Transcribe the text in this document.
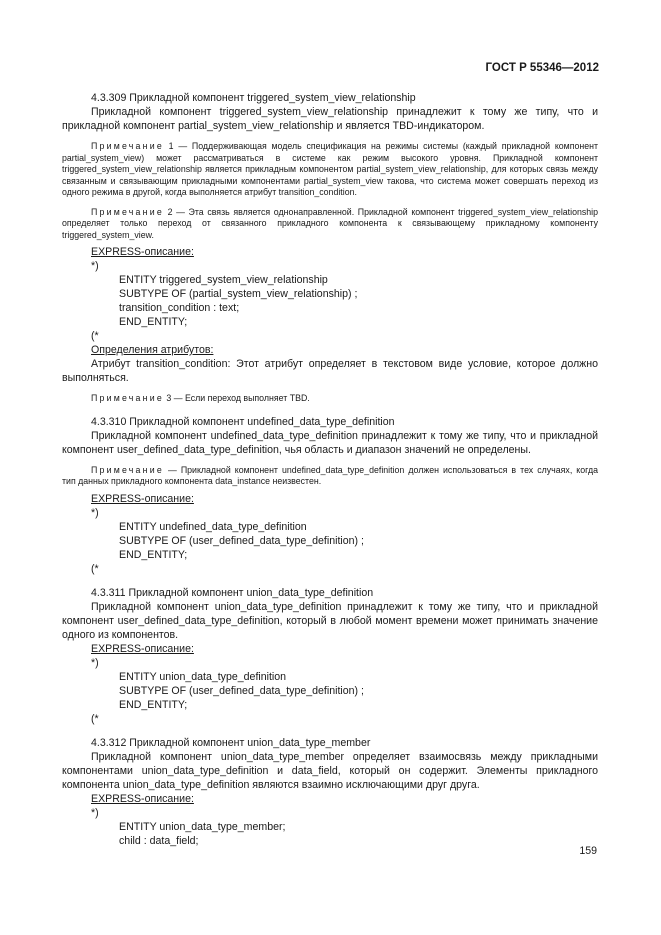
ГОСТ Р 55346—2012

4.3.309 Прикладной компонент triggered_system_view_relationship

Прикладной компонент triggered_system_view_relationship принадлежит к тому же типу, что и прикладной компонент partial_system_view_relationship и является TBD-индикатором.

Примечание 1 — Поддерживающая модель спецификация на режимы системы (каждый прикладной компонент partial_system_view) может рассматриваться в системе как режим высокого уровня. Прикладной компонент triggered_system_view_relationship является прикладным компонентом partial_system_view_relationship, для которых связь между связанным и связывающим прикладными компонентами partial_system_view такова, что система может совершать переход из одного режима в другой, когда выполняется атрибут transition_condition.

Примечание 2 — Эта связь является однонаправленной. Прикладной компонент triggered_system_view_relationship определяет только переход от связанного прикладного компонента к связывающему прикладному компоненту triggered_system_view.

EXPRESS-описание:
*)
ENTITY triggered_system_view_relationship
SUBTYPE OF (partial_system_view_relationship) ;
transition_condition : text;
END_ENTITY;
(*
Определения атрибутов:

Атрибут transition_condition: Этот атрибут определяет в текстовом виде условие, которое должно выполняться.

Примечание 3 — Если переход выполняет TBD.

4.3.310 Прикладной компонент undefined_data_type_definition

Прикладной компонент undefined_data_type_definition принадлежит к тому же типу, что и прикладной компонент user_defined_data_type_definition, чья область и диапазон значений не определены.

Примечание — Прикладной компонент undefined_data_type_definition должен использоваться в тех случаях, когда тип данных прикладного компонента data_instance неизвестен.

EXPRESS-описание:
*)
ENTITY undefined_data_type_definition
SUBTYPE OF (user_defined_data_type_definition) ;
END_ENTITY;
(*

4.3.311 Прикладной компонент union_data_type_definition

Прикладной компонент union_data_type_definition принадлежит к тому же типу, что и прикладной компонент user_defined_data_type_definition, который в любой момент времени может принимать значение одного из компонентов.

EXPRESS-описание:
*)
ENTITY union_data_type_definition
SUBTYPE OF (user_defined_data_type_definition) ;
END_ENTITY;
(*

4.3.312 Прикладной компонент union_data_type_member

Прикладной компонент union_data_type_member определяет взаимосвязь между прикладными компонентами union_data_type_definition и data_field, который он содержит. Элементы прикладного компонента union_data_type_definition являются взаимно исключающими друг друга.

EXPRESS-описание:
*)
ENTITY union_data_type_member;
child : data_field;
159
